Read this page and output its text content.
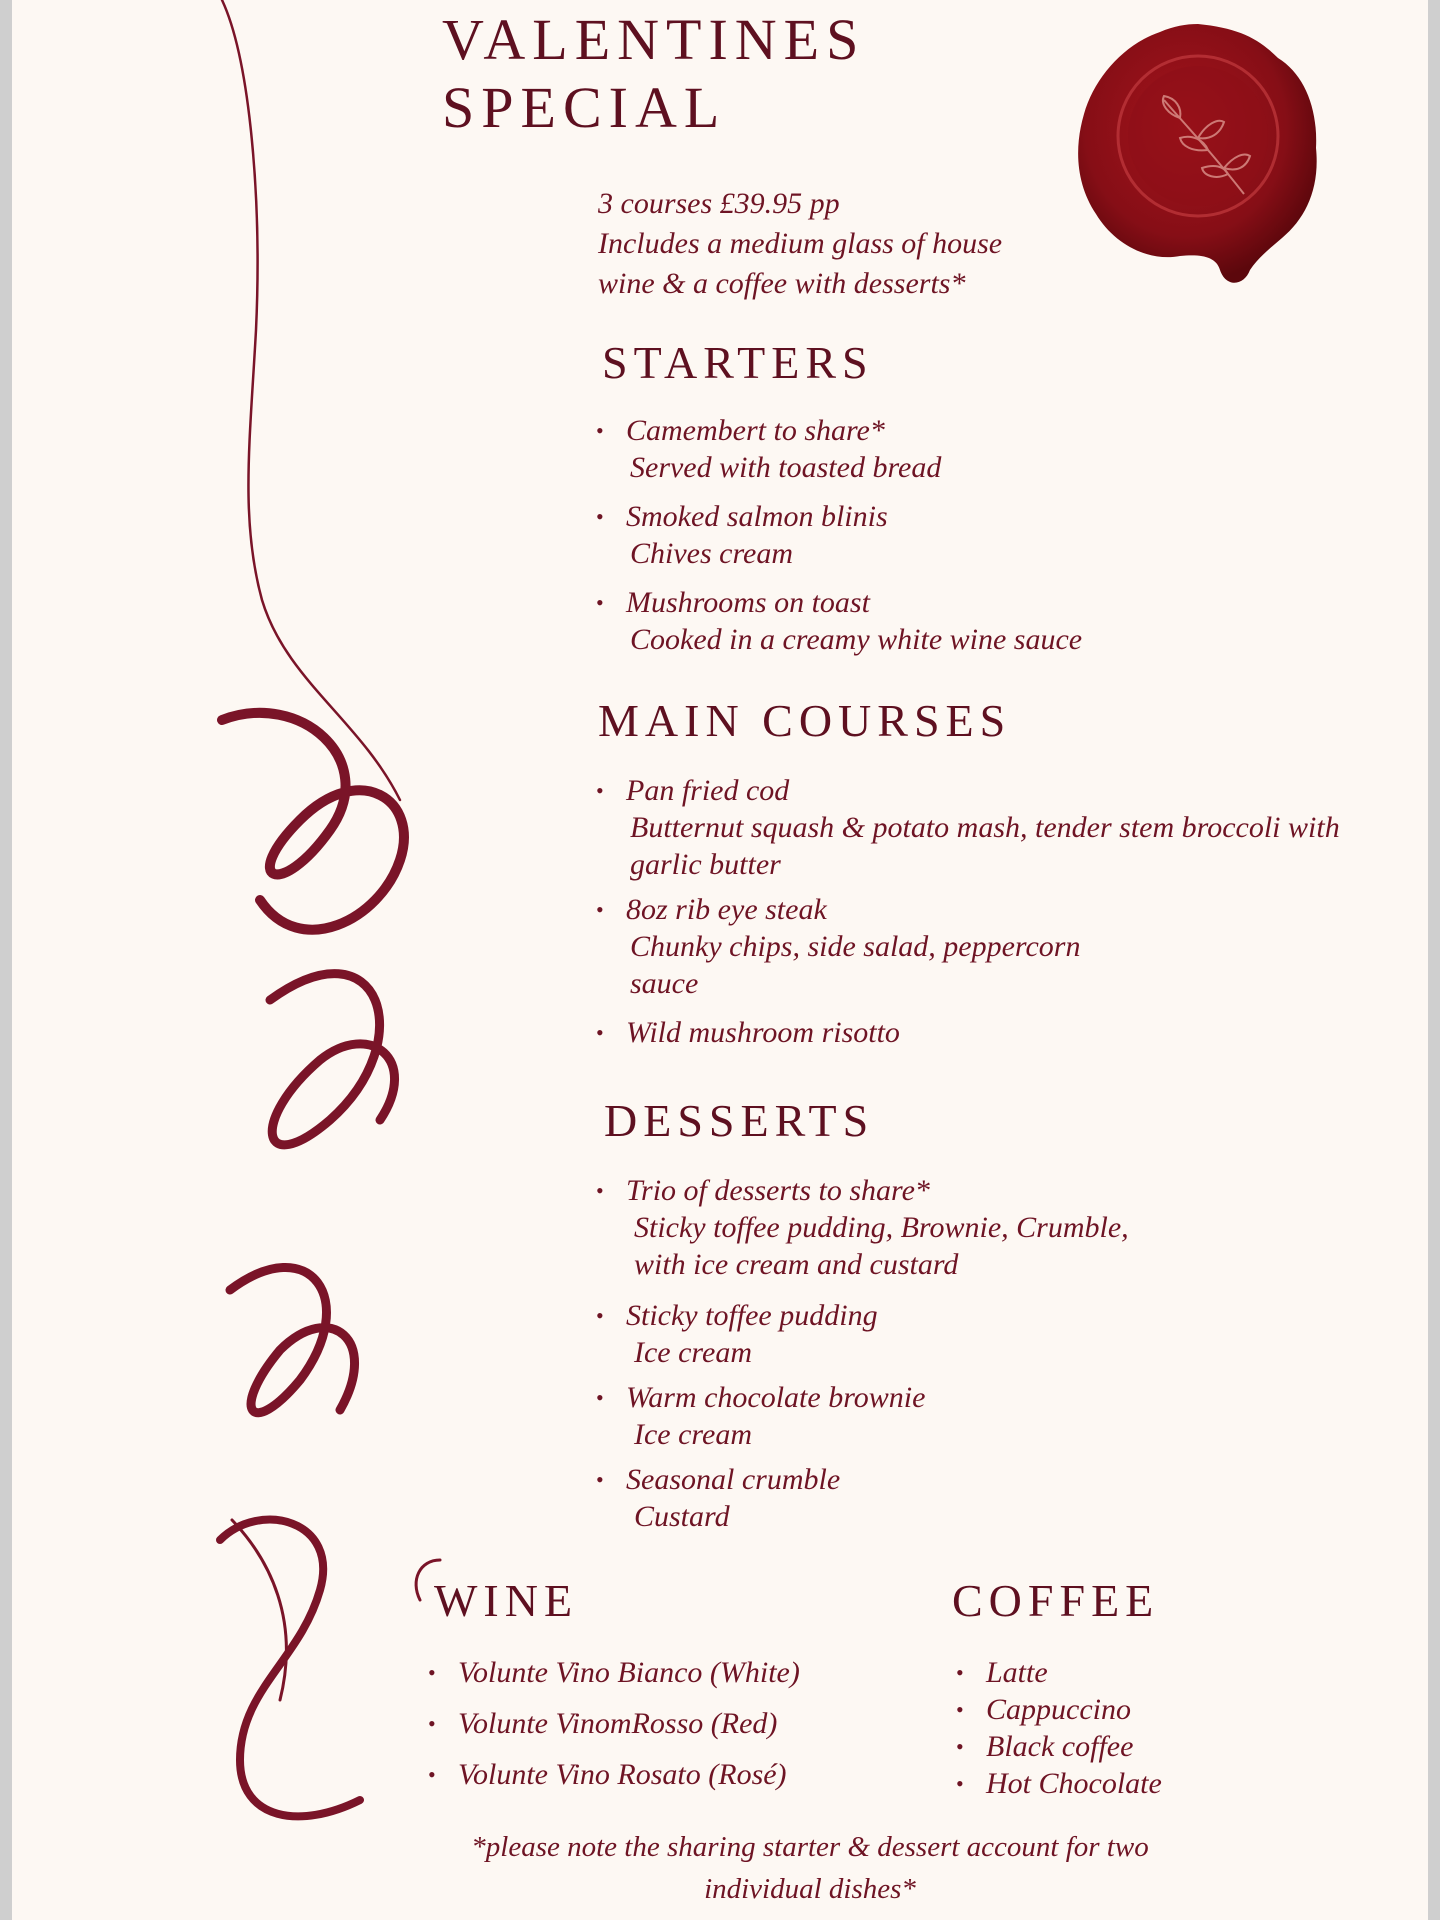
VALENTINES
SPECIAL
3 courses £39.95 pp
Includes a medium glass of house
wine & a coffee with desserts*
STARTERS
• Camembert to share*
Served with toasted bread
• Smoked salmon blinis
Chives cream
• Mushrooms on toast
Cooked in a creamy white wine sauce
MAIN COURSES
• Pan fried cod
Butternut squash & potato mash, tender stem broccoli with garlic butter
• 8oz rib eye steak
Chunky chips, side salad, peppercorn sauce
• Wild mushroom risotto
DESSERTS
• Trio of desserts to share*
Sticky toffee pudding, Brownie, Crumble, with ice cream and custard
• Sticky toffee pudding
Ice cream
• Warm chocolate brownie
Ice cream
• Seasonal crumble
Custard
WINE
• Volunte Vino Bianco (White)
• Volunte VinomRosso (Red)
• Volunte Vino Rosato (Rosé)
COFFEE
• Latte
• Cappuccino
• Black coffee
• Hot Chocolate
*please note the sharing starter & dessert account for two individual dishes*
